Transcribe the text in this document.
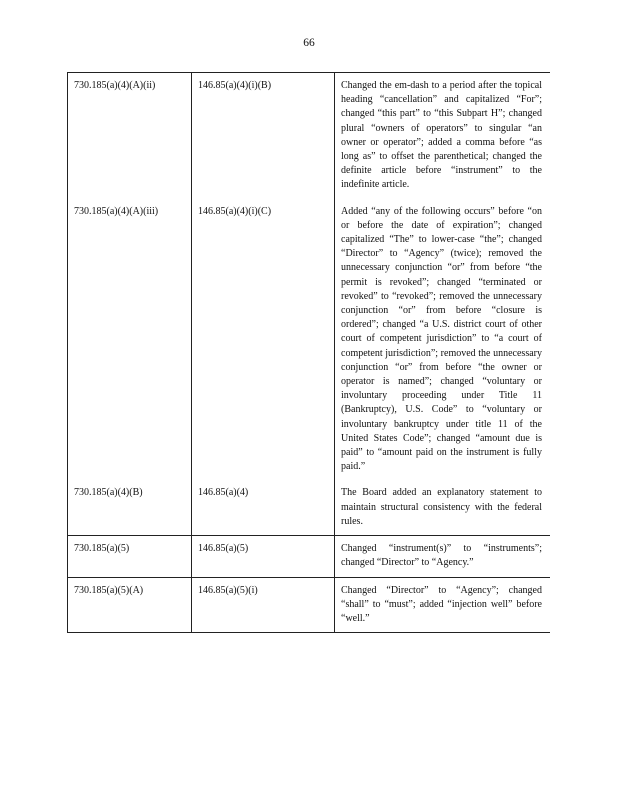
66
730.185(a)(4)(A)(ii)	146.85(a)(4)(i)(B)	Changed the em-dash to a period after the topical heading “cancellation” and capitalized “For”; changed “this part” to “this Subpart H”; changed plural “owners of operators” to singular “an owner or operator”; added a comma before “as long as” to offset the parenthetical; changed the definite article before “instrument” to the indefinite article.
730.185(a)(4)(A)(iii)	146.85(a)(4)(i)(C)	Added “any of the following occurs” before “on or before the date of expiration”; changed capitalized “The” to lower-case “the”; changed “Director” to “Agency” (twice); removed the unnecessary conjunction “or” from before “the permit is revoked”; changed “terminated or revoked” to “revoked”; removed the unnecessary conjunction “or” from before “closure is ordered”; changed “a U.S. district court of other court of competent jurisdiction” to “a court of competent jurisdiction”; removed the unnecessary conjunction “or” from before “the owner or operator is named”; changed “voluntary or involuntary proceeding under Title 11 (Bankruptcy), U.S. Code” to “voluntary or involuntary bankruptcy under title 11 of the United States Code”; changed “amount due is paid” to “amount paid on the instrument is fully paid.”
730.185(a)(4)(B)	146.85(a)(4)	The Board added an explanatory statement to maintain structural consistency with the federal rules.
730.185(a)(5)	146.85(a)(5)	Changed “instrument(s)” to “instruments”; changed “Director” to “Agency.”
730.185(a)(5)(A)	146.85(a)(5)(i)	Changed “Director” to “Agency”; changed “shall” to “must”; added “injection well” before “well.”
